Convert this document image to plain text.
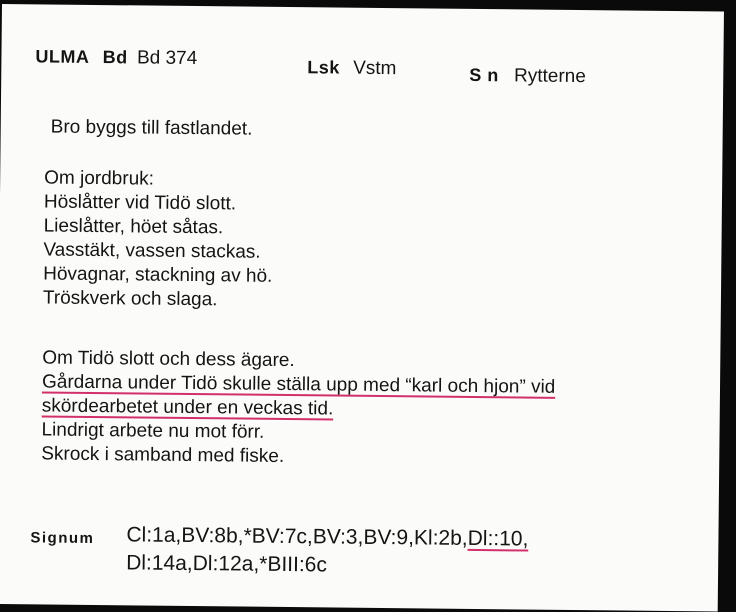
ULMA Bd Bd 374	Lsk Vstm	S n Rytterne
Bro byggs till fastlandet.
Om jordbruk:
Höslåtter vid Tidö slott.
Lieslåtter, höet såtas.
Vasstäkt, vassen stackas.
Hövagnar, stackning av hö.
Tröskverk och slaga.
Om Tidö slott och dess ägare.
Gårdarna under Tidö skulle ställa upp med “karl och hjon” vid
skördearbetet under en veckas tid.
Lindrigt arbete nu mot förr.
Skrock i samband med fiske.
Signum Cl:1a,BV:8b,*BV:7c,BV:3,BV:9,Kl:2b,Dl::10,
Dl:14a,Dl:12a,*BIII:6c
